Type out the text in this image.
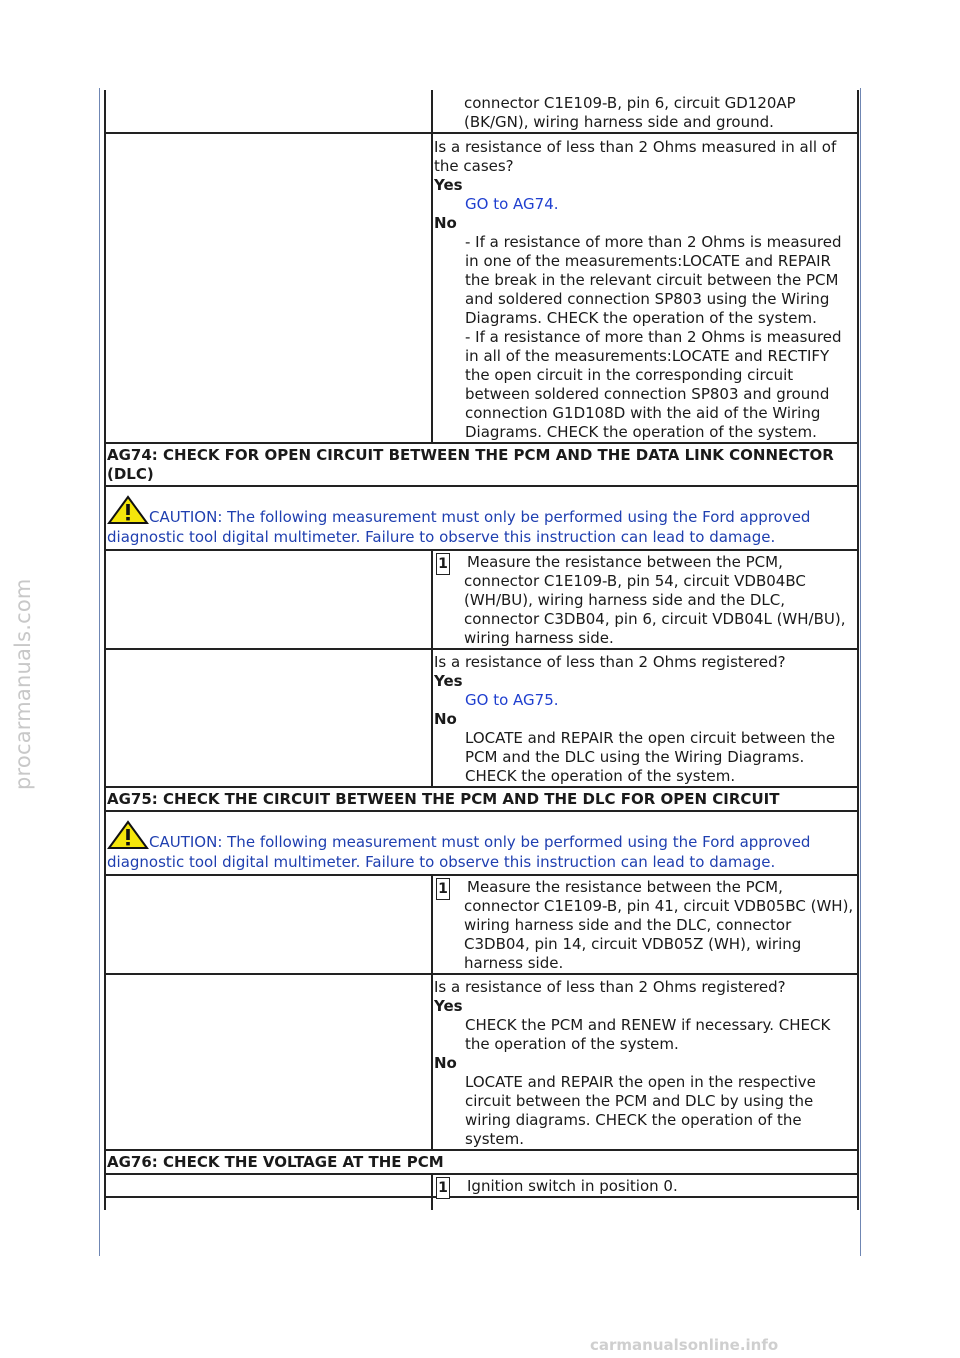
procarmanuals.com
carmanualsonline.info
connector C1E109-B, pin 6, circuit GD120AP
(BK/GN), wiring harness side and ground.
Is a resistance of less than 2 Ohms measured in all of the cases?
Yes
GO to AG74.
No
- If a resistance of more than 2 Ohms is measured in one of the measurements:LOCATE and REPAIR the break in the relevant circuit between the PCM and soldered connection SP803 using the Wiring Diagrams. CHECK the operation of the system.
- If a resistance of more than 2 Ohms is measured in all of the measurements:LOCATE and RECTIFY the open circuit in the corresponding circuit between soldered connection SP803 and ground connection G1D108D with the aid of the Wiring Diagrams. CHECK the operation of the system.
AG74: CHECK FOR OPEN CIRCUIT BETWEEN THE PCM AND THE DATA LINK CONNECTOR (DLC)
CAUTION: The following measurement must only be performed using the Ford approved diagnostic tool digital multimeter. Failure to observe this instruction can lead to damage.
1 Measure the resistance between the PCM,
connector C1E109-B, pin 54, circuit VDB04BC (WH/BU), wiring harness side and the DLC, connector C3DB04, pin 6, circuit VDB04L (WH/BU), wiring harness side.
Is a resistance of less than 2 Ohms registered?
Yes
GO to AG75.
No
LOCATE and REPAIR the open circuit between the PCM and the DLC using the Wiring Diagrams. CHECK the operation of the system.
AG75: CHECK THE CIRCUIT BETWEEN THE PCM AND THE DLC FOR OPEN CIRCUIT
CAUTION: The following measurement must only be performed using the Ford approved diagnostic tool digital multimeter. Failure to observe this instruction can lead to damage.
1 Measure the resistance between the PCM,
connector C1E109-B, pin 41, circuit VDB05BC (WH), wiring harness side and the DLC, connector C3DB04, pin 14, circuit VDB05Z (WH), wiring harness side.
Is a resistance of less than 2 Ohms registered?
Yes
CHECK the PCM and RENEW if necessary. CHECK the operation of the system.
No
LOCATE and REPAIR the open in the respective circuit between the PCM and DLC by using the wiring diagrams. CHECK the operation of the system.
AG76: CHECK THE VOLTAGE AT THE PCM
1 Ignition switch in position 0.
